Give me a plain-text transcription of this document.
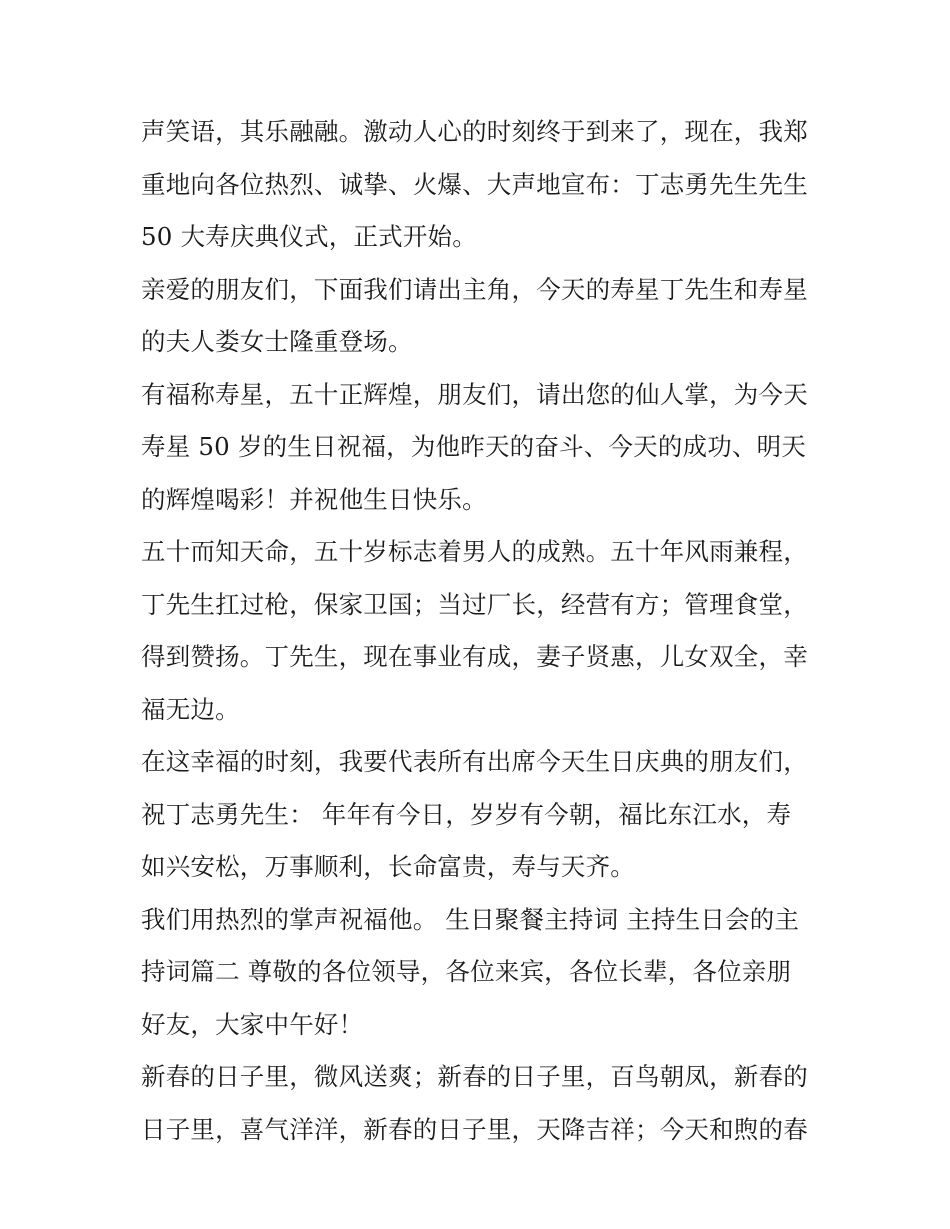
声笑语，其乐融融。激动人心的时刻终于到来了，现在，我郑
重地向各位热烈、诚挚、火爆、大声地宣布：丁志勇先生先生
50 大寿庆典仪式，正式开始。

亲爱的朋友们，下面我们请出主角，今天的寿星丁先生和寿星
的夫人娄女士隆重登场。

有福称寿星，五十正辉煌，朋友们，请出您的仙人掌，为今天
寿星 50 岁的生日祝福，为他昨天的奋斗、今天的成功、明天
的辉煌喝彩！并祝他生日快乐。

五十而知天命，五十岁标志着男人的成熟。五十年风雨兼程，
丁先生扛过枪，保家卫国；当过厂长，经营有方；管理食堂，
得到赞扬。丁先生，现在事业有成，妻子贤惠，儿女双全，幸
福无边。

在这幸福的时刻，我要代表所有出席今天生日庆典的朋友们，
祝丁志勇先生： 年年有今日，岁岁有今朝，福比东江水，寿
如兴安松，万事顺利，长命富贵，寿与天齐。

我们用热烈的掌声祝福他。 生日聚餐主持词 主持生日会的主
持词篇二 尊敬的各位领导，各位来宾，各位长辈，各位亲朋
好友，大家中午好！

新春的日子里，微风送爽；新春的日子里，百鸟朝凤，新春的
日子里，喜气洋洋，新春的日子里，天降吉祥；今天和煦的春
